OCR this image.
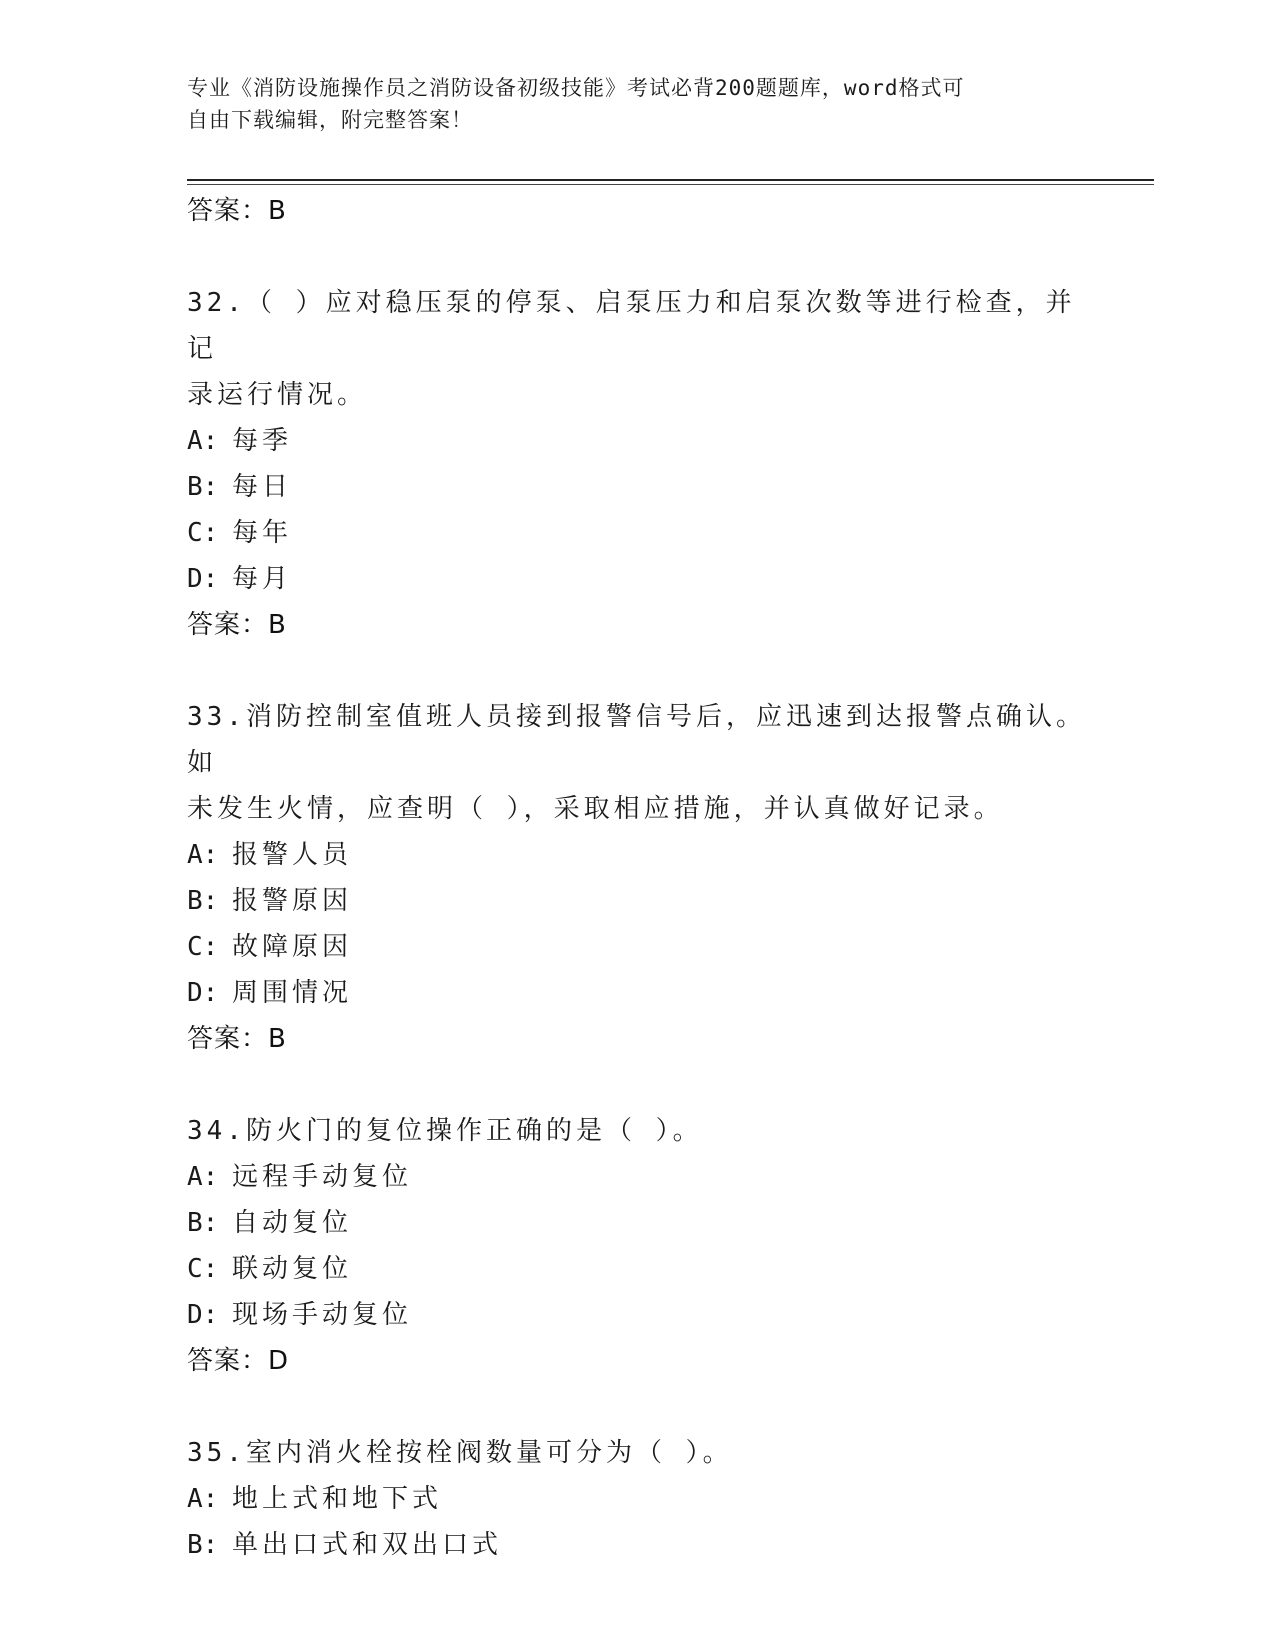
专业《消防设施操作员之消防设备初级技能》考试必背200题题库，word格式可
自由下载编辑，附完整答案！
答案：B
32.（ ）应对稳压泵的停泵、启泵压力和启泵次数等进行检查，并记
录运行情况。
A: 每季
B: 每日
C: 每年
D: 每月
答案：B
33.消防控制室值班人员接到报警信号后，应迅速到达报警点确认。如
未发生火情，应查明（ ），采取相应措施，并认真做好记录。
A: 报警人员
B: 报警原因
C: 故障原因
D: 周围情况
答案：B
34.防火门的复位操作正确的是（ ）。
A: 远程手动复位
B: 自动复位
C: 联动复位
D: 现场手动复位
答案：D
35.室内消火栓按栓阀数量可分为（ ）。
A: 地上式和地下式
B: 单出口式和双出口式
